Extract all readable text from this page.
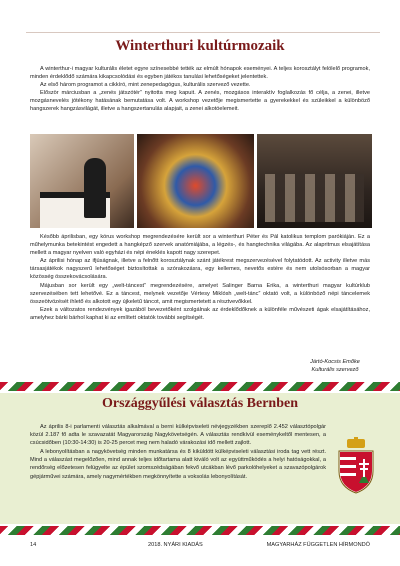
Winterthuri kultúrmozaik

A winterthur-i magyar kulturális életet egyre színesebbé tették az elmúlt hónapok eseményei. A teljes korosztályt felölelő programok, minden érdeklődő számára kikapcsolódási és egyben játékos tanulási lehetőségeket jelentettek.

Az első három programot a cikkíró, mint zenepedagógus, kulturális szervező vezette.

Először márciusban a „zenés játszótér” nyitotta meg kapuit. A zenés, mozgásos interaktív foglalkozás fő célja, a zenei, illetve mozgásnevelés jótékony hatásának bemutatása volt. A workshop vezetője megismertette a gyerekekkel és szüleikkel a különböző hangszerek hangzásvilágát, illetve a hangszertanulás alapjait, a zenei alkotóelemeit.

Később áprilisban, egy kórus workshop megrendezésére került sor a winterthuri Péter és Pál katolikus templom parókiáján. Ez a műhelymunka betekintést engedett a hangképző szervek anatómiájába, a légzés-, és hangtechnika világába. Az alapritmus elsajátítása mellett a magyar nyelven való egyházi és népi éneklés kapott nagy szerepet.

Az áprilisi hónap az ifjúságnak, illetve a felnőtt korosztálynak szánt játékrest megszervezésével folytatódott. Az activity illetve más társasjátékok nagyszerű lehetőséget biztosítottak a szórakozásra, egy kellemes, nevetős estére és nem utolsósorban a magyar közösség összekovácsolására.

Májusban sor került egy „welt-táncest” megrendezésére, amelyet Salinger Barna Erika, a winterthuri magyar kultúrklub szervezésében tett lehetővé. Ez a táncest, melynek vezetője Vértesy Miklósh „welt-tánc” oktató volt, a különböző népi táncelemek összeötvözését ihlető és alkotott egy újkeletű táncot, amit megismertetett a résztvevőkkel.

Ezek a változatos rendezvények igazából bevezetőként szolgálnak az érdeklődőknek a különféle művészeti ágak elsajátításához, amelyhez bárki bárhol kaphat ki az említett oktatók további segítségét.

Jártó-Kocsis Emőke
Kulturális szervező
Országgyűlési választás Bernben

Az április 8-i parlamenti választás alkalmával a berni külképviseleti névjegyzékben szereplő 2.452 választópolgár közül 2.187 fő adta le szavazatát Magyarország Nagykövetségén. A választás rendkívül eseménykeltől mentesen, a csúcsidőben (10:30-14:30) is 20-25 percet meg nem haladó várakozási idő mellett zajlott.

A lebonyolításban a nagykövetség minden munkatársa és 8 kiküldött külképviseleti választási iroda tag vett részt. Mind a válaszást megelőzően, mind annak teljes időtartama alatt kiváló volt az együttműködés a helyi hatóságokkal, a rendőrség előzetesen felügyelte az épület szomszédságában fekvő utcákban lévő parkolóhelyeket a szavazópolgárok gépjárművei számára, amely nagymértékben megkönnyítette a voksolás lebonyolítását.

14	2018. NYÁRI KIADÁS	MAGYARHÁZ FÜGGETLEN HÍRMONDÓ
